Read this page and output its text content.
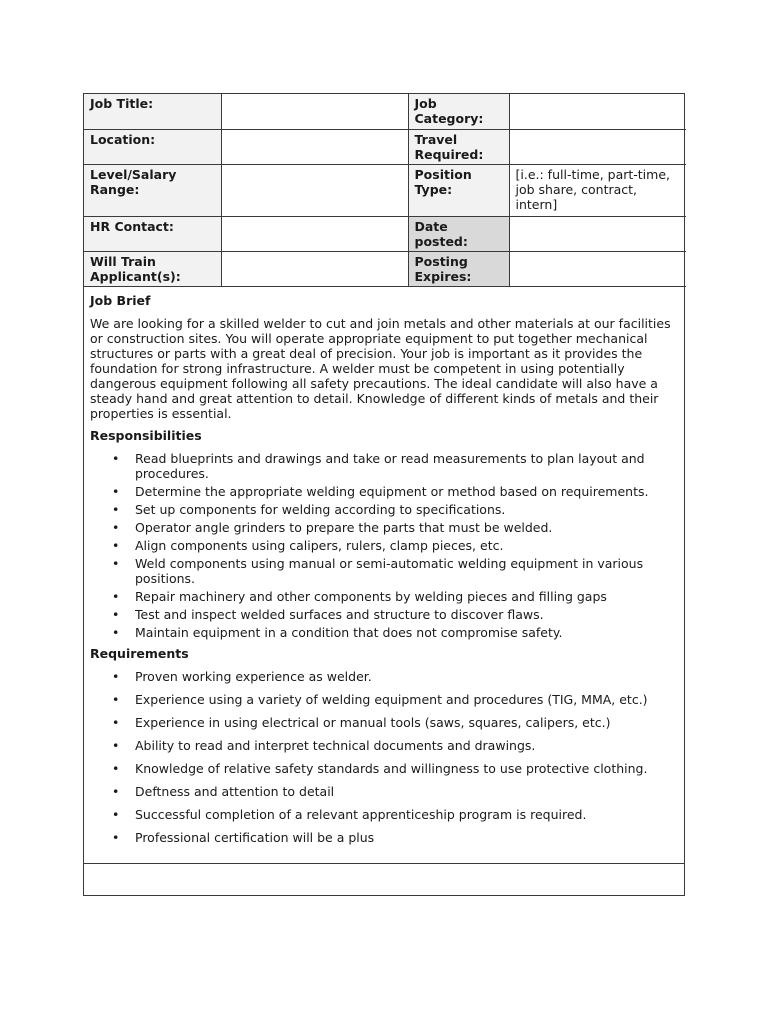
Job Title:		Job Category:	
Location:		Travel Required:	
Level/Salary Range:		Position Type:	[i.e.: full-time, part-time, job share, contract, intern]
HR Contact:		Date posted:	
Will Train Applicant(s):		Posting Expires:	
Job Brief
We are looking for a skilled welder to cut and join metals and other materials at our facilities or construction sites. You will operate appropriate equipment to put together mechanical structures or parts with a great deal of precision. Your job is important as it provides the foundation for strong infrastructure. A welder must be competent in using potentially dangerous equipment following all safety precautions. The ideal candidate will also have a steady hand and great attention to detail. Knowledge of different kinds of metals and their properties is essential.
Responsibilities
• Read blueprints and drawings and take or read measurements to plan layout and procedures.
• Determine the appropriate welding equipment or method based on requirements.
• Set up components for welding according to specifications.
• Operator angle grinders to prepare the parts that must be welded.
• Align components using calipers, rulers, clamp pieces, etc.
• Weld components using manual or semi-automatic welding equipment in various positions.
• Repair machinery and other components by welding pieces and filling gaps
• Test and inspect welded surfaces and structure to discover flaws.
• Maintain equipment in a condition that does not compromise safety.
Requirements
• Proven working experience as welder.
• Experience using a variety of welding equipment and procedures (TIG, MMA, etc.)
• Experience in using electrical or manual tools (saws, squares, calipers, etc.)
• Ability to read and interpret technical documents and drawings.
• Knowledge of relative safety standards and willingness to use protective clothing.
• Deftness and attention to detail
• Successful completion of a relevant apprenticeship program is required.
• Professional certification will be a plus
